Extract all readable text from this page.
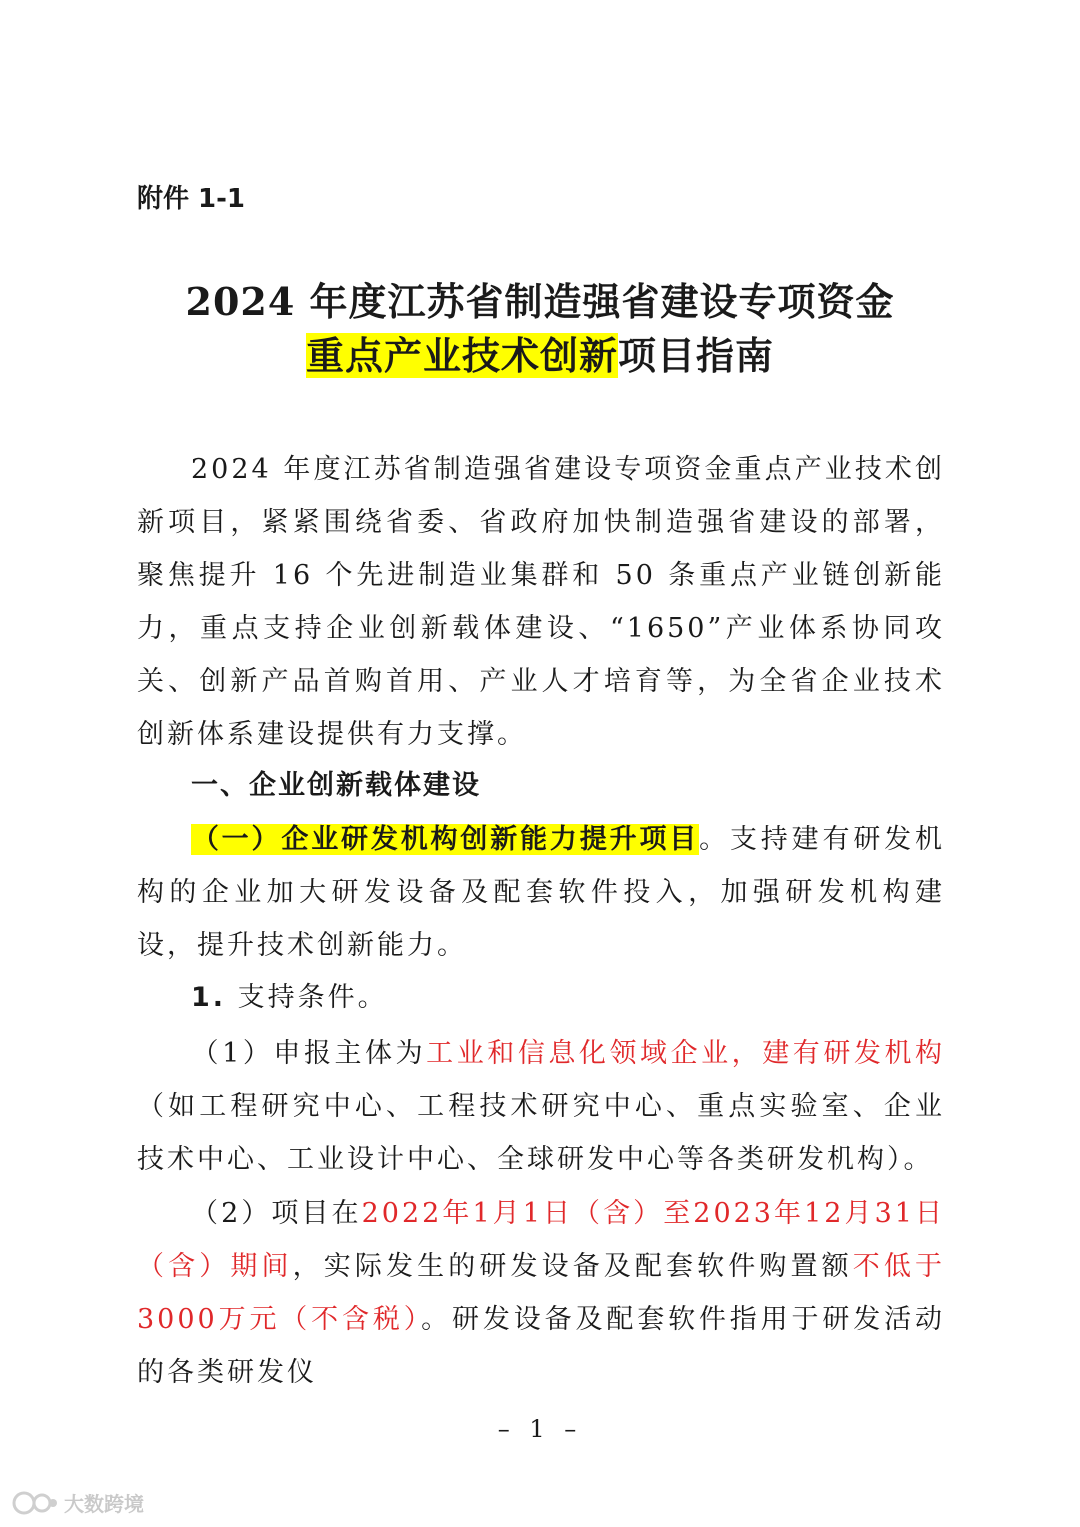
附件 1-1
2024 年度江苏省制造强省建设专项资金
重点产业技术创新项目指南
2024 年度江苏省制造强省建设专项资金重点产业技术创新项目，紧紧围绕省委、省政府加快制造强省建设的部署，聚焦提升 16 个先进制造业集群和 50 条重点产业链创新能力，重点支持企业创新载体建设、“1650”产业体系协同攻关、创新产品首购首用、产业人才培育等，为全省企业技术创新体系建设提供有力支撑。
一、企业创新载体建设
（一）企业研发机构创新能力提升项目。支持建有研发机构的企业加大研发设备及配套软件投入，加强研发机构建设，提升技术创新能力。
1. 支持条件。
（1）申报主体为工业和信息化领域企业，建有研发机构（如工程研究中心、工程技术研究中心、重点实验室、企业技术中心、工业设计中心、全球研发中心等各类研发机构）。
（2）项目在2022年1月1日（含）至2023年12月31日（含）期间，实际发生的研发设备及配套软件购置额不低于3000万元（不含税）。研发设备及配套软件指用于研发活动的各类研发仪
– 1 –
大数跨境
